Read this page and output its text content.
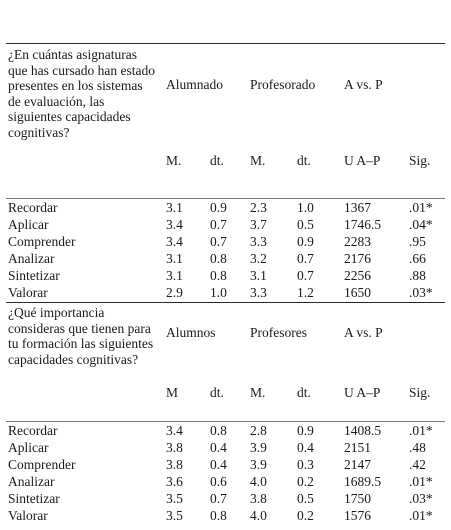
¿En cuántas asignaturas que has cursado han estado presentes en los sistemas de evaluación, las siguientes capacidades cognitivas?
Alumnado Profesorado A vs. P
M. dt. M. dt. U A–P Sig.
Recordar	3.1 0.9 2.3 1.0 1367	.01*
Aplicar	3.4 0.7 3.7 0.5 1746.5 .04*
Comprender	3.4 0.7 3.3 0.9 2283	.95
Analizar	3.1 0.8 3.2 0.7 2176	.66
Sintetizar	3.1 0.8 3.1 0.7 2256	.88
Valorar	2.9 1.0 3.3 1.2 1650	.03*
¿Qué importancia consideras que tienen para tu formación las siguientes capacidades cognitivas?
Alumnos	Profesores	A vs. P
M dt. M. dt. U A–P Sig.
Recordar	3.4 0.8 2.8 0.9 1408.5 .01*
Aplicar	3.8 0.4 3.9 0.4 2151	.48
Comprender	3.8 0.4 3.9 0.3 2147	.42
Analizar	3.6 0.6 4.0 0.2 1689.5 .01*
Sintetizar	3.5 0.7 3.8 0.5 1750	.03*
Valorar	3.5 0.8 4.0 0.2 1576	.01*
